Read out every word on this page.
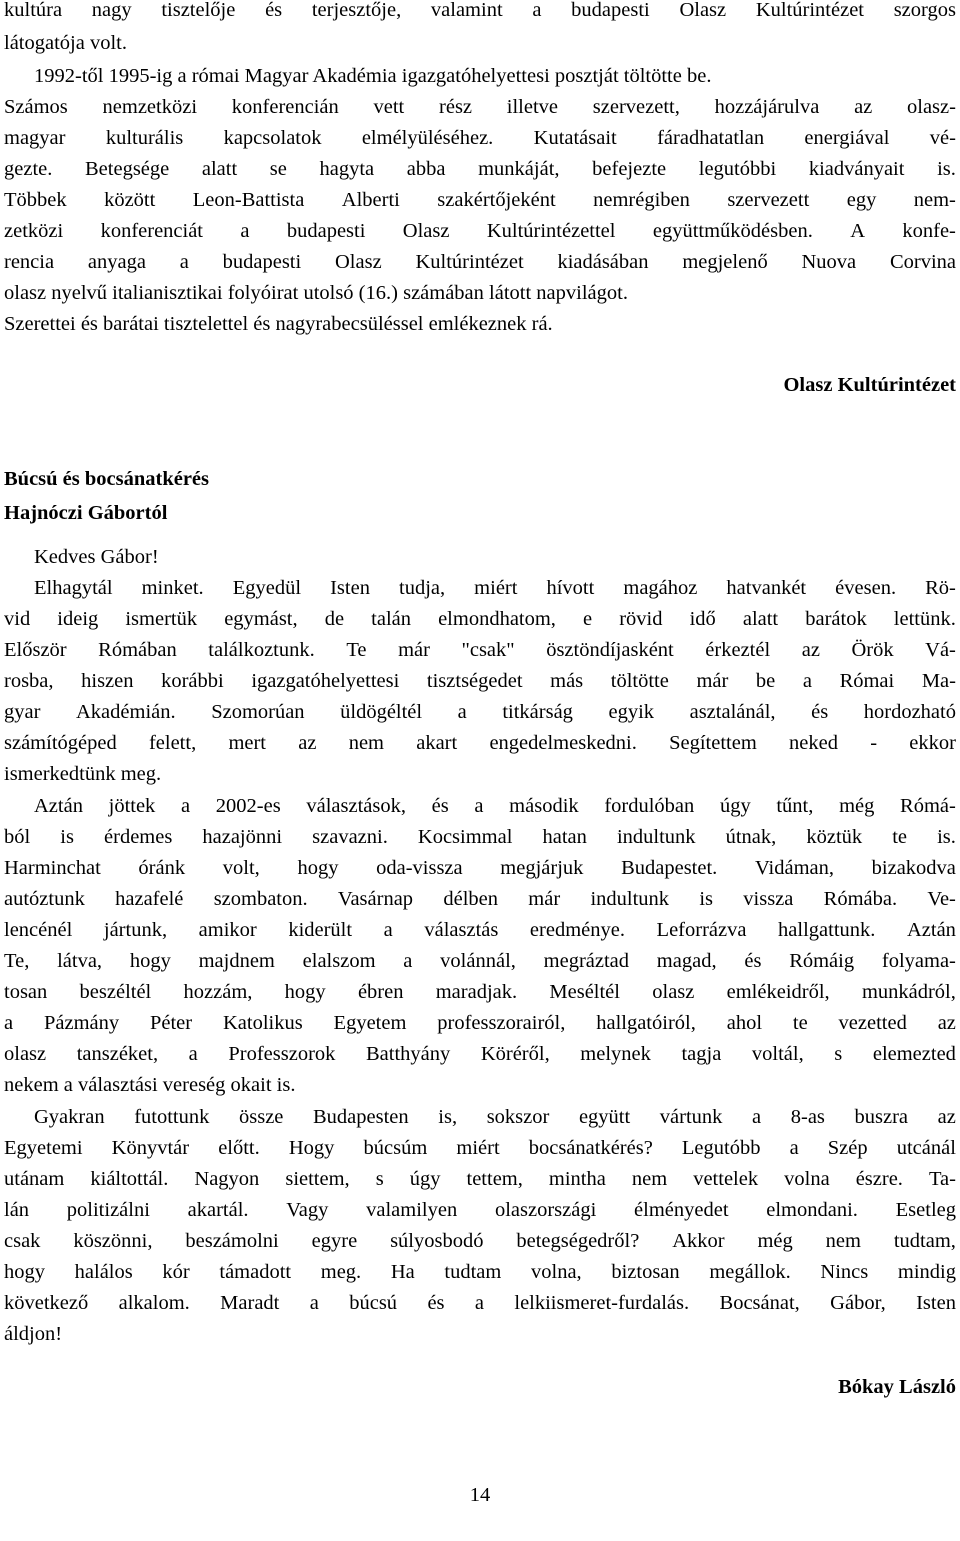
kultúra nagy tisztelője és terjesztője, valamint a budapesti Olasz Kultúrintézet szorgos
látogatója volt.
1992-től 1995-ig a római Magyar Akadémia igazgatóhelyettesi posztját töltötte be.
Számos nemzetközi konferencián vett rész illetve szervezett, hozzájárulva az olasz-
magyar kulturális kapcsolatok elmélyüléséhez. Kutatásait fáradhatatlan energiával vé-
gezte. Betegsége alatt se hagyta abba munkáját, befejezte legutóbbi kiadványait is.
Többek között Leon-Battista Alberti szakértőjeként nemrégiben szervezett egy nem-
zetközi konferenciát a budapesti Olasz Kultúrintézettel együttműködésben. A konfe-
rencia anyaga a budapesti Olasz Kultúrintézet kiadásában megjelenő Nuova Corvina
olasz nyelvű italianisztikai folyóirat utolsó (16.) számában látott napvilágot.
Szerettei és barátai tisztelettel és nagyrabecsüléssel emlékeznek rá.
Olasz Kultúrintézet
Búcsú és bocsánatkérés
Hajnóczi Gábortól
Kedves Gábor!
Elhagytál minket. Egyedül Isten tudja, miért hívott magához hatvankét évesen. Rö-
vid ideig ismertük egymást, de talán elmondhatom, e rövid idő alatt barátok lettünk.
Először Rómában találkoztunk. Te már "csak" ösztöndíjasként érkeztél az Örök Vá-
rosba, hiszen korábbi igazgatóhelyettesi tisztségedet más töltötte már be a Római Ma-
gyar Akadémián. Szomorúan üldögéltél a titkárság egyik asztalánál, és hordozható
számítógéped felett, mert az nem akart engedelmeskedni. Segítettem neked - ekkor
ismerkedtünk meg.
Aztán jöttek a 2002-es választások, és a második fordulóban úgy tűnt, még Rómá-
ból is érdemes hazajönni szavazni. Kocsimmal hatan indultunk útnak, köztük te is.
Harminchat óránk volt, hogy oda-vissza megjárjuk Budapestet. Vidáman, bizakodva
autóztunk hazafelé szombaton. Vasárnap délben már indultunk is vissza Rómába. Ve-
lencénél jártunk, amikor kiderült a választás eredménye. Leforrázva hallgattunk. Aztán
Te, látva, hogy majdnem elalszom a volánnál, megráztad magad, és Rómáig folyama-
tosan beszéltél hozzám, hogy ébren maradjak. Meséltél olasz emlékeidről, munkádról,
a Pázmány Péter Katolikus Egyetem professzorairól, hallgatóiról, ahol te vezetted az
olasz tanszéket, a Professzorok Batthyány Köréről, melynek tagja voltál, s elemezted
nekem a választási vereség okait is.
Gyakran futottunk össze Budapesten is, sokszor együtt vártunk a 8-as buszra az
Egyetemi Könyvtár előtt. Hogy búcsúm miért bocsánatkérés? Legutóbb a Szép utcánál
utánam kiáltottál. Nagyon siettem, s úgy tettem, mintha nem vettelek volna észre. Ta-
lán politizálni akartál. Vagy valamilyen olaszországi élményedet elmondani. Esetleg
csak köszönni, beszámolni egyre súlyosbodó betegségedről? Akkor még nem tudtam,
hogy halálos kór támadott meg. Ha tudtam volna, biztosan megállok. Nincs mindig
következő alkalom. Maradt a búcsú és a lelkiismeret-furdalás. Bocsánat, Gábor, Isten
áldjon!
Bókay László
14
